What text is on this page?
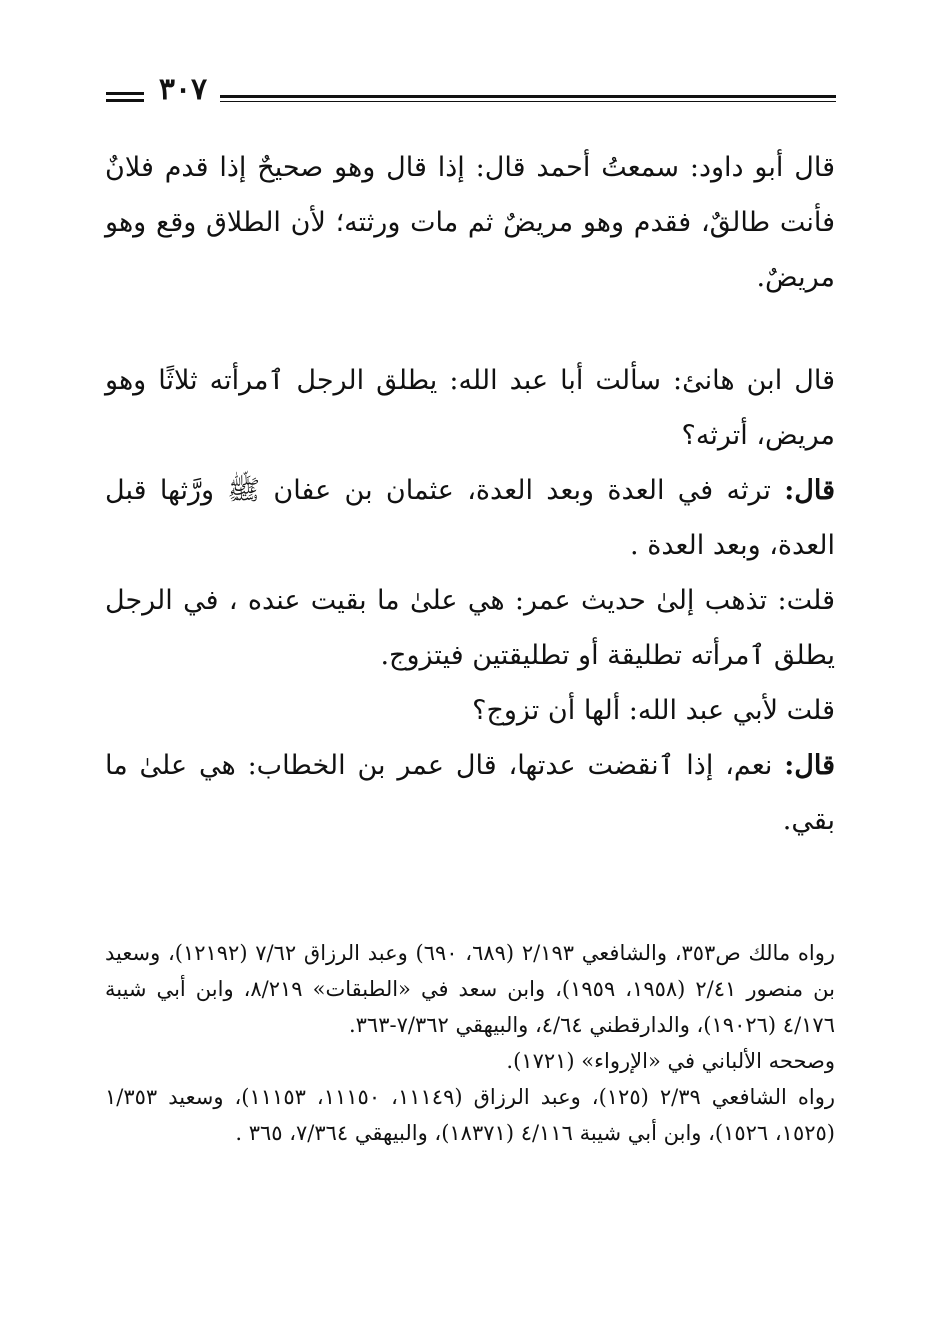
٣٠٧

قال أبو داود: سمعتُ أحمد قال: إذا قال وهو صحيحٌ إذا قدم فلانٌ فأنت طالقٌ، فقدم وهو مريضٌ ثم مات ورثته؛ لأن الطلاق وقع وهو مريضٌ.

قال ابن هانئ: سألت أبا عبد الله: يطلق الرجل ٱمرأته ثلاثًا وهو مريض، أترثه؟

قال: ترثه في العدة وبعد العدة، عثمان بن عفان ﷺ ورَّثها قبل العدة، وبعد العدة .

قلت: تذهب إلىٰ حديث عمر: هي علىٰ ما بقيت عنده ، في الرجل يطلق ٱمرأته تطليقة أو تطليقتين فيتزوج.

قلت لأبي عبد الله: ألها أن تزوج؟

قال: نعم، إذا ٱنقضت عدتها، قال عمر بن الخطاب: هي علىٰ ما بقي.

رواه مالك ص٣٥٣، والشافعي ٢/١٩٣ (٦٨٩، ٦٩٠) وعبد الرزاق ٧/٦٢ (١٢١٩٢)، وسعيد بن منصور ٢/٤١ (١٩٥٨، ١٩٥٩)، وابن سعد في «الطبقات» ٨/٢١٩، وابن أبي شيبة ٤/١٧٦ (١٩٠٢٦)، والدارقطني ٤/٦٤، والبيهقي ٧/٣٦٢-٣٦٣.

وصححه الألباني في «الإرواء» (١٧٢١).

رواه الشافعي ٢/٣٩ (١٢٥)، وعبد الرزاق (١١١٤٩، ١١١٥٠، ١١١٥٣)، وسعيد ١/٣٥٣ (١٥٢٥، ١٥٢٦)، وابن أبي شيبة ٤/١١٦ (١٨٣٧١)، والبيهقي ٧/٣٦٤، ٣٦٥ .
